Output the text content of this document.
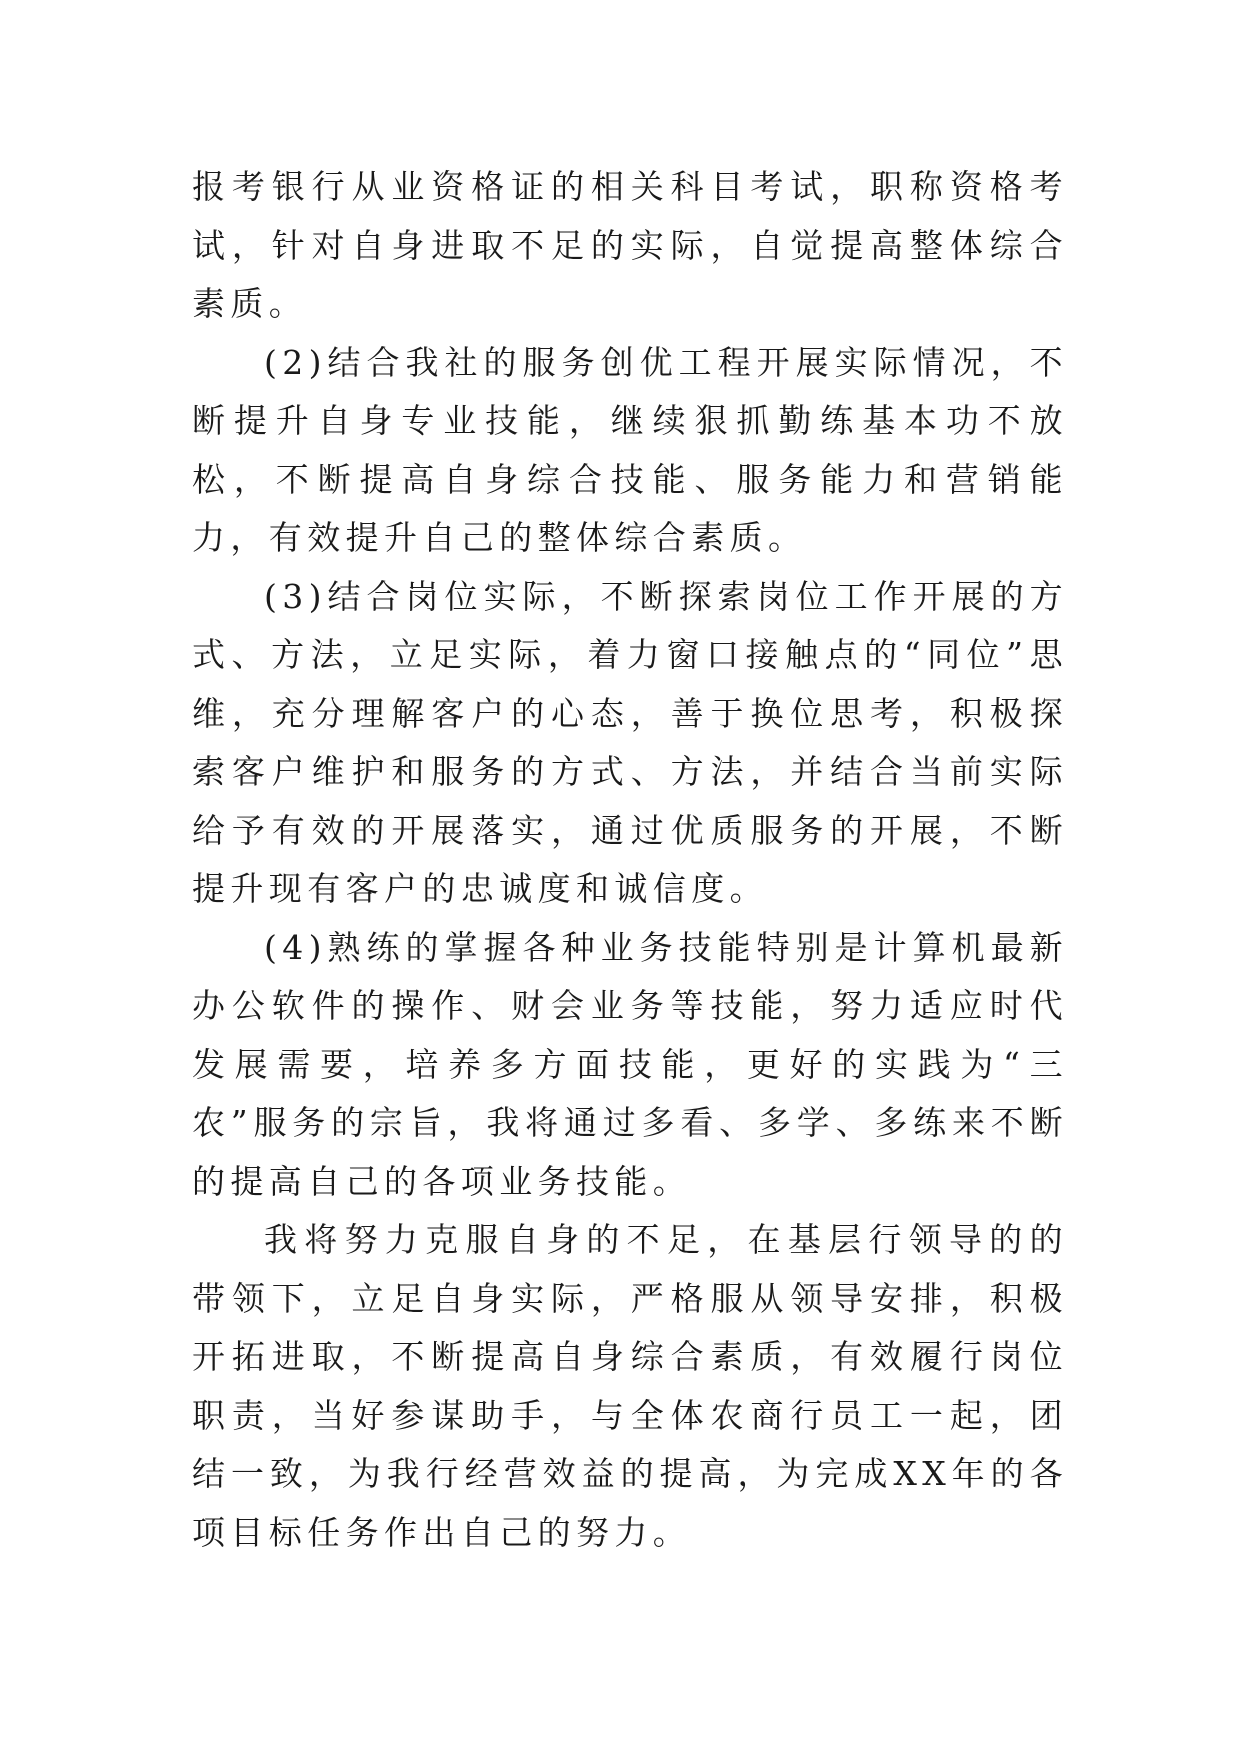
报考银行从业资格证的相关科目考试，职称资格考试，针对自身进取不足的实际，自觉提高整体综合素质。

(2)结合我社的服务创优工程开展实际情况，不断提升自身专业技能，继续狠抓勤练基本功不放松，不断提高自身综合技能、服务能力和营销能力，有效提升自己的整体综合素质。

(3)结合岗位实际，不断探索岗位工作开展的方式、方法，立足实际，着力窗口接触点的“同位”思维，充分理解客户的心态，善于换位思考，积极探索客户维护和服务的方式、方法，并结合当前实际给予有效的开展落实，通过优质服务的开展，不断提升现有客户的忠诚度和诚信度。

(4)熟练的掌握各种业务技能特别是计算机最新办公软件的操作、财会业务等技能，努力适应时代发展需要，培养多方面技能，更好的实践为“三农”服务的宗旨，我将通过多看、多学、多练来不断的提高自己的各项业务技能。

我将努力克服自身的不足，在基层行领导的的带领下，立足自身实际，严格服从领导安排，积极开拓进取，不断提高自身综合素质，有效履行岗位职责，当好参谋助手，与全体农商行员工一起，团结一致，为我行经营效益的提高，为完成XX年的各项目标任务作出自己的努力。
